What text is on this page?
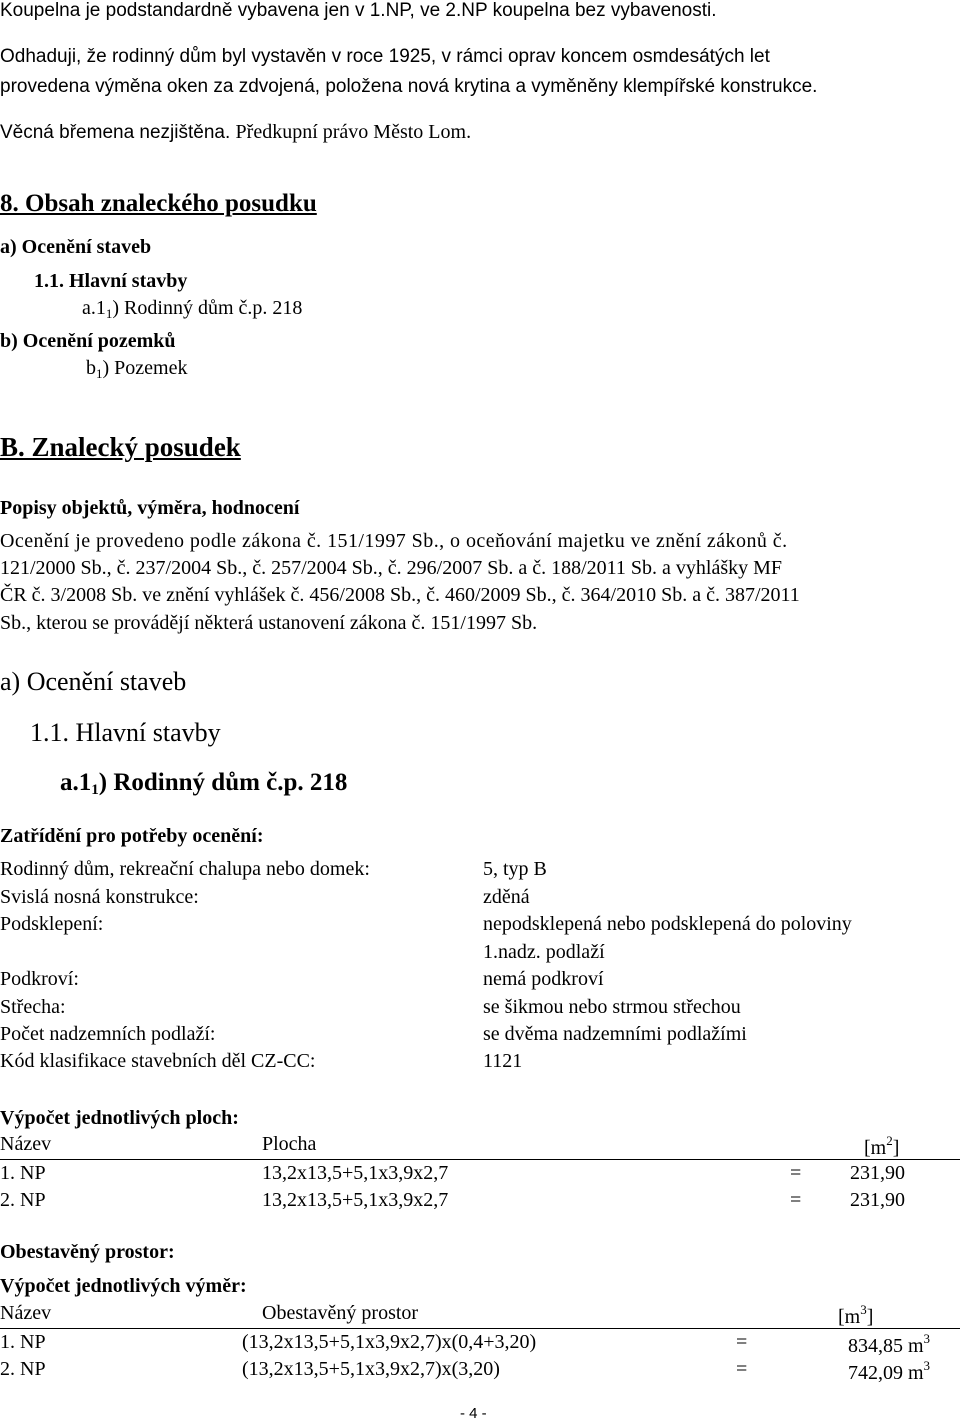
Koupelna je podstandardně vybavena jen v 1.NP, ve 2.NP koupelna bez vybavenosti.
Odhaduji, že rodinný dům byl vystavěn v roce 1925, v rámci oprav koncem osmdesátých let
provedena výměna oken za zdvojená, položena nová krytina a vyměněny klempířské konstrukce.
Věcná břemena nezjištěna. Předkupní právo Město Lom.
8. Obsah znaleckého posudku
a) Ocenění staveb
1.1. Hlavní stavby
$a.1_1$) Rodinný dům č.p. 218
b) Ocenění pozemků
$b_1$) Pozemek
B. Znalecký posudek
Popisy objektů, výměra, hodnocení
Ocenění je provedeno podle zákona č. 151/1997 Sb., o oceňování majetku ve znění zákonů č.
121/2000 Sb., č. 237/2004 Sb., č. 257/2004 Sb., č. 296/2007 Sb. a č. 188/2011 Sb. a vyhlášky MF
ČR č. 3/2008 Sb. ve znění vyhlášek č. 456/2008 Sb., č. 460/2009 Sb., č. 364/2010 Sb. a č. 387/2011
Sb., kterou se provádějí některá ustanovení zákona č. 151/1997 Sb.
a) Ocenění staveb
1.1. Hlavní stavby
$a.1_1$) Rodinný dům č.p. 218
Zatřídění pro potřeby ocenění:
Rodinný dům, rekreační chalupa nebo domek:	5, typ B
Svislá nosná konstrukce:	zděná
Podsklepení:	nepodsklepená nebo podsklepená do poloviny
1.nadz. podlaží
Podkroví:	nemá podkroví
Střecha:	se šikmou nebo strmou střechou
Počet nadzemních podlaží:	se dvěma nadzemními podlažími
Kód klasifikace stavebních děl CZ-CC:	1121
Výpočet jednotlivých ploch:
Název	Plocha	$[m^2]$
1. NP	13,2x13,5+5,1x3,9x2,7	=	231,90
2. NP	13,2x13,5+5,1x3,9x2,7	=	231,90
Obestavěný prostor:
Výpočet jednotlivých výměr:
Název	Obestavěný prostor	$[m^3]$
1. NP	(13,2x13,5+5,1x3,9x2,7)x(0,4+3,20)	=	834,85 $m^3$
2. NP	(13,2x13,5+5,1x3,9x2,7)x(3,20)	=	742,09 $m^3$
- 4 -
